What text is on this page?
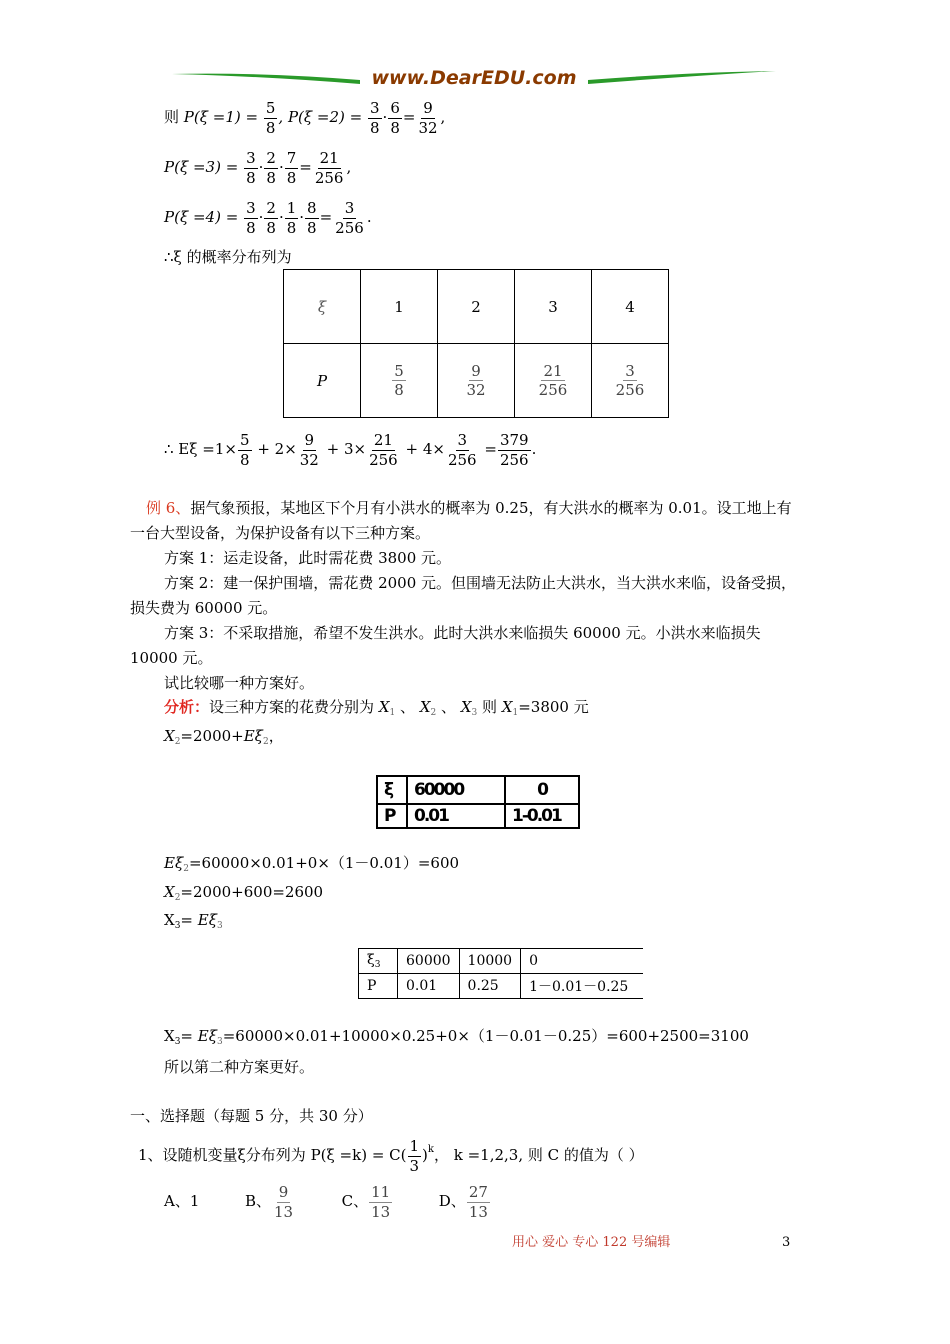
www.DearEDU.com
则 $P(\xi =1) = \frac{5}{8}$ , $P(\xi =2) = \frac{3}{8} \cdot \frac{6}{8} = \frac{9}{32}$ ,
$P(\xi =3) = \frac{3}{8} \cdot \frac{2}{8} \cdot \frac{7}{8} = \frac{21}{256}$ ,
$P(\xi =4) = \frac{3}{8} \cdot \frac{2}{8} \cdot \frac{1}{8} \cdot \frac{8}{8} = \frac{3}{256}$ .
∴ξ 的概率分布列为
ξ	1	2	3	4
P	$\frac{5}{8}$	$\frac{9}{32}$	$\frac{21}{256}$	$\frac{3}{256}$
∴ $E\xi =1\times \frac{5}{8} + 2\times \frac{9}{32} + 3\times \frac{21}{256} + 4\times \frac{3}{256} = \frac{379}{256}$ .
例 6、据气象预报，某地区下个月有小洪水的概率为 0.25，有大洪水的概率为 0.01。设工地上有
一台大型设备，为保护设备有以下三种方案。
方案 1：运走设备，此时需花费 3800 元。
方案 2：建一保护围墙，需花费 2000 元。但围墙无法防止大洪水，当大洪水来临，设备受损，
损失费为 60000 元。
方案 3：不采取措施，希望不发生洪水。此时大洪水来临损失 60000 元。小洪水来临损失
10000 元。
试比较哪一种方案好。
分析：设三种方案的花费分别为 $X_1$ 、 $X_2$ 、 $X_3$ 则 $X_1=3800$ 元
$X_2=2000+E\xi_2$，
ξ	60000	0
P	0.01	1-0.01
$E\xi_2=60000\times 0.01+0\times(1-0.01)=600$
$X_2=2000+600=2600$
$X_3= E\xi_3$
$\xi_3$	60000	10000	0
P	0.01	0.25	1－0.01－0.25
$X_3= E\xi_3=60000\times 0.01+10000\times 0.25+0\times(1-0.01-0.25)=600+2500=3100$
所以第二种方案更好。
一、选择题（每题 5 分，共 30 分）
1、设随机变量ξ分布列为 $P(\xi =k) = C( \frac{1}{3} )^k$， k =1,2,3, 则 C 的值为（ ）
A、1	B、 $\frac{9}{13}$	C、 $\frac{11}{13}$	D、 $\frac{27}{13}$
用心 爱心 专心 122 号编辑	3
